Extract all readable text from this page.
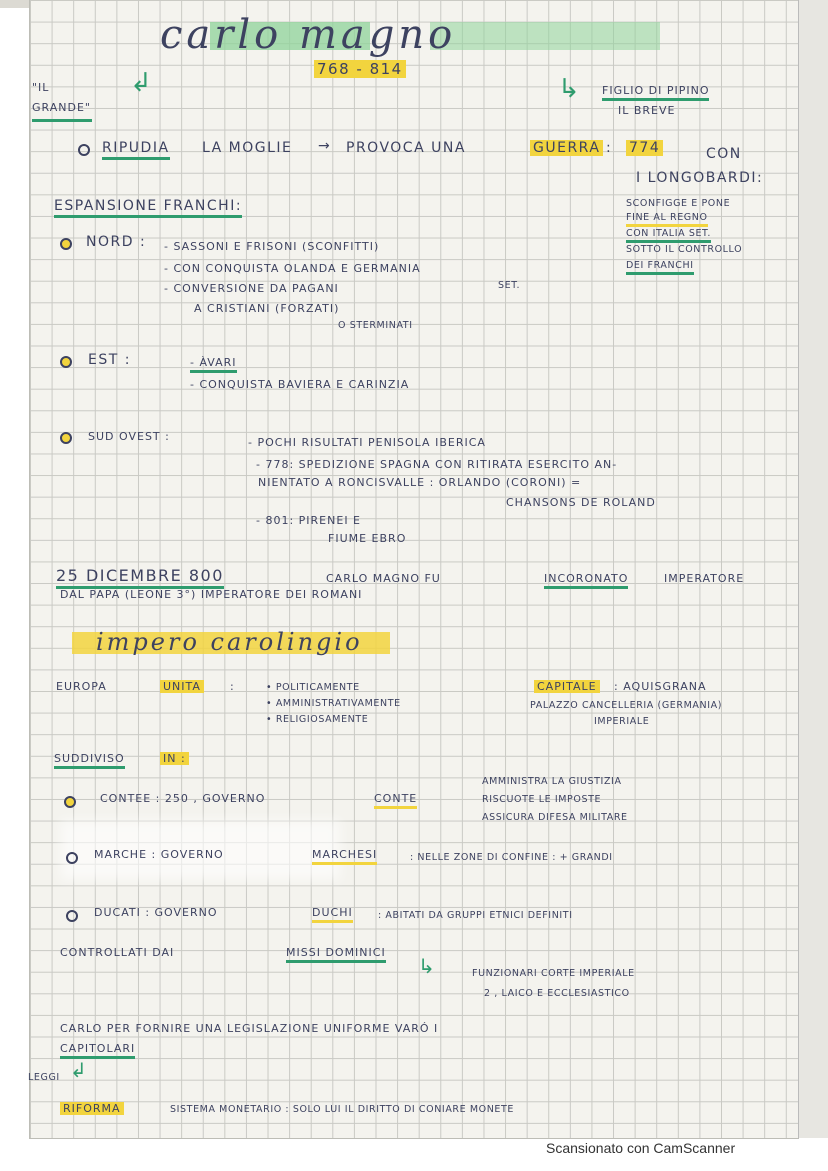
carlo magno
768 - 814
"IL GRANDE"
↲	↳ FIGLIO DI PIPINO
IL BREVE
RIPUDIA LA MOGLIE → PROVOCA UNA	GUERRA : 774	CON
I LONGOBARDI:
SCONFIGGE E PONE
FINE AL REGNO
CON ITALIA SET.
SOTTO IL CONTROLLO
DEI FRANCHI
ESPANSIONE FRANCHI:
NORD : - SASSONI E FRISONI (SCONFITTI)
- CON CONQUISTA OLANDA E GERMANIA
SET.
- CONVERSIONE DA PAGANI
A CRISTIANI (FORZATI)
O STERMINATI
EST :	- ÀVARI
- CONQUISTA BAVIERA E CARINZIA
SUD OVEST :	- POCHI RISULTATI PENISOLA IBERICA
- 778: SPEDIZIONE SPAGNA CON RITIRATA ESERCITO AN-
NIENTATO A RONCISVALLE : ORLANDO (CORONI) =
CHANSONS DE ROLAND
- 801: PIRENEI E
FIUME EBRO
25 DICEMBRE 800	CARLO MAGNO FU	INCORONATO	IMPERATORE
DAL PAPA (LEONE 3°) IMPERATORE DEI ROMANI
impero carolingio
EUROPA	UNITA	:	• POLITICAMENTE
• AMMINISTRATIVAMENTE
• RELIGIOSAMENTE
CAPITALE : AQUISGRANA
PALAZZO CANCELLERIA (GERMANIA)
IMPERIALE
SUDDIVISO	IN :
CONTEE : 250 , GOVERNO	CONTE
AMMINISTRA LA GIUSTIZIA
RISCUOTE LE IMPOSTE
ASSICURA DIFESA MILITARE
MARCHE : GOVERNO	MARCHESI	: NELLE ZONE DI CONFINE : + GRANDI
DUCATI : GOVERNO	DUCHI	: ABITATI DA GRUPPI ETNICI DEFINITI
CONTROLLATI DAI	MISSI DOMINICI
↳	FUNZIONARI CORTE IMPERIALE
2 , LAICO E ECCLESIASTICO
CARLO PER FORNIRE UNA LEGISLAZIONE UNIFORME VARÓ I
CAPITOLARI
LEGGI ↲
RIFORMA	SISTEMA MONETARIO : SOLO LUI IL DIRITTO DI CONIARE MONETE
Scansionato con CamScanner
